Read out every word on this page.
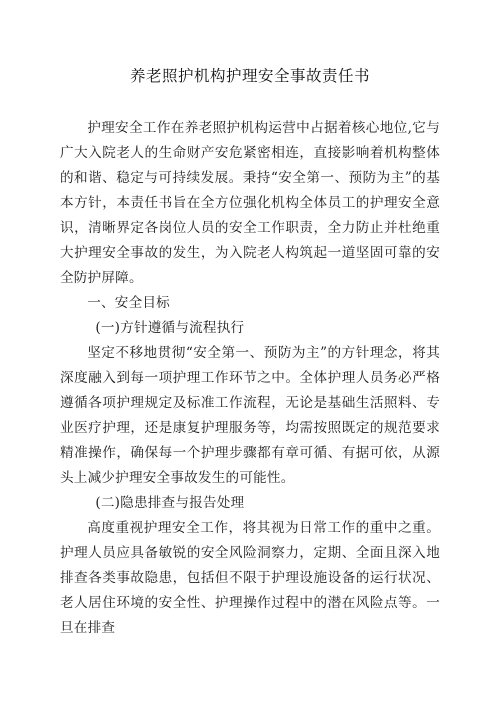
养老照护机构护理安全事故责任书

护理安全工作在养老照护机构运营中占据着核心地位,它与广大入院老人的生命财产安危紧密相连，直接影响着机构整体的和谐、稳定与可持续发展。秉持“安全第一、预防为主”的基本方针，本责任书旨在全方位强化机构全体员工的护理安全意识，清晰界定各岗位人员的安全工作职责，全力防止并杜绝重大护理安全事故的发生，为入院老人构筑起一道坚固可靠的安全防护屏障。

一、安全目标

(一)方针遵循与流程执行

坚定不移地贯彻“安全第一、预防为主”的方针理念，将其深度融入到每一项护理工作环节之中。全体护理人员务必严格遵循各项护理规定及标准工作流程，无论是基础生活照料、专业医疗护理，还是康复护理服务等，均需按照既定的规范要求精准操作，确保每一个护理步骤都有章可循、有据可依，从源头上减少护理安全事故发生的可能性。

(二)隐患排查与报告处理

高度重视护理安全工作，将其视为日常工作的重中之重。护理人员应具备敏锐的安全风险洞察力，定期、全面且深入地排查各类事故隐患，包括但不限于护理设施设备的运行状况、老人居住环境的安全性、护理操作过程中的潜在风险点等。一旦在排查
